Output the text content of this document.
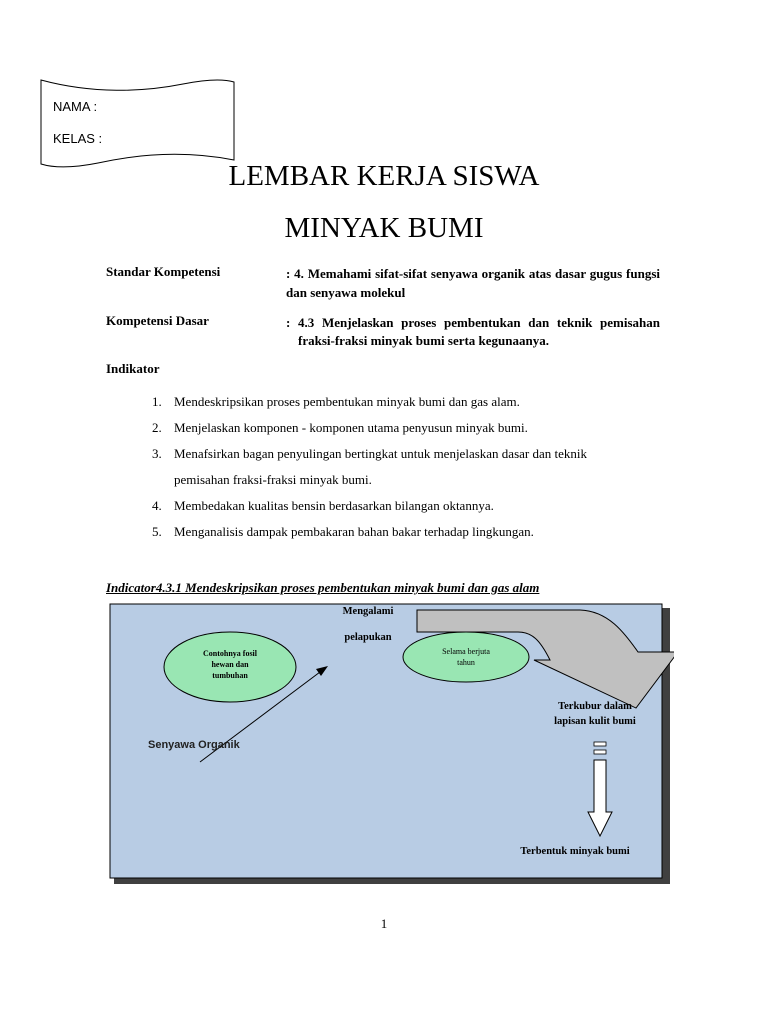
NAMA :
KELAS :
LEMBAR KERJA SISWA
MINYAK BUMI
Standar Kompetensi	: 4. Memahami sifat-sifat senyawa organik atas dasar gugus fungsi dan senyawa molekul
Kompetensi Dasar	: 4.3 Menjelaskan proses pembentukan dan teknik pemisahan
fraksi-fraksi minyak bumi serta kegunaanya.
Indikator
1. Mendeskripsikan proses pembentukan minyak bumi dan gas alam.
2. Menjelaskan komponen - komponen utama penyusun minyak bumi.
3. Menafsirkan bagan penyulingan bertingkat untuk menjelaskan dasar dan teknik
pemisahan fraksi-fraksi minyak bumi.
4. Membedakan kualitas bensin berdasarkan bilangan oktannya.
5. Menganalisis dampak pembakaran bahan bakar terhadap lingkungan.
Indicator4.3.1 Mendeskripsikan proses pembentukan minyak bumi dan gas alam
Mengalami
pelapukan
Contohnya fosil
hewan dan
tumbuhan
Selama berjuta
tahun
Senyawa Organik
Terkubur dalam
lapisan kulit bumi
Terbentuk minyak bumi
1
